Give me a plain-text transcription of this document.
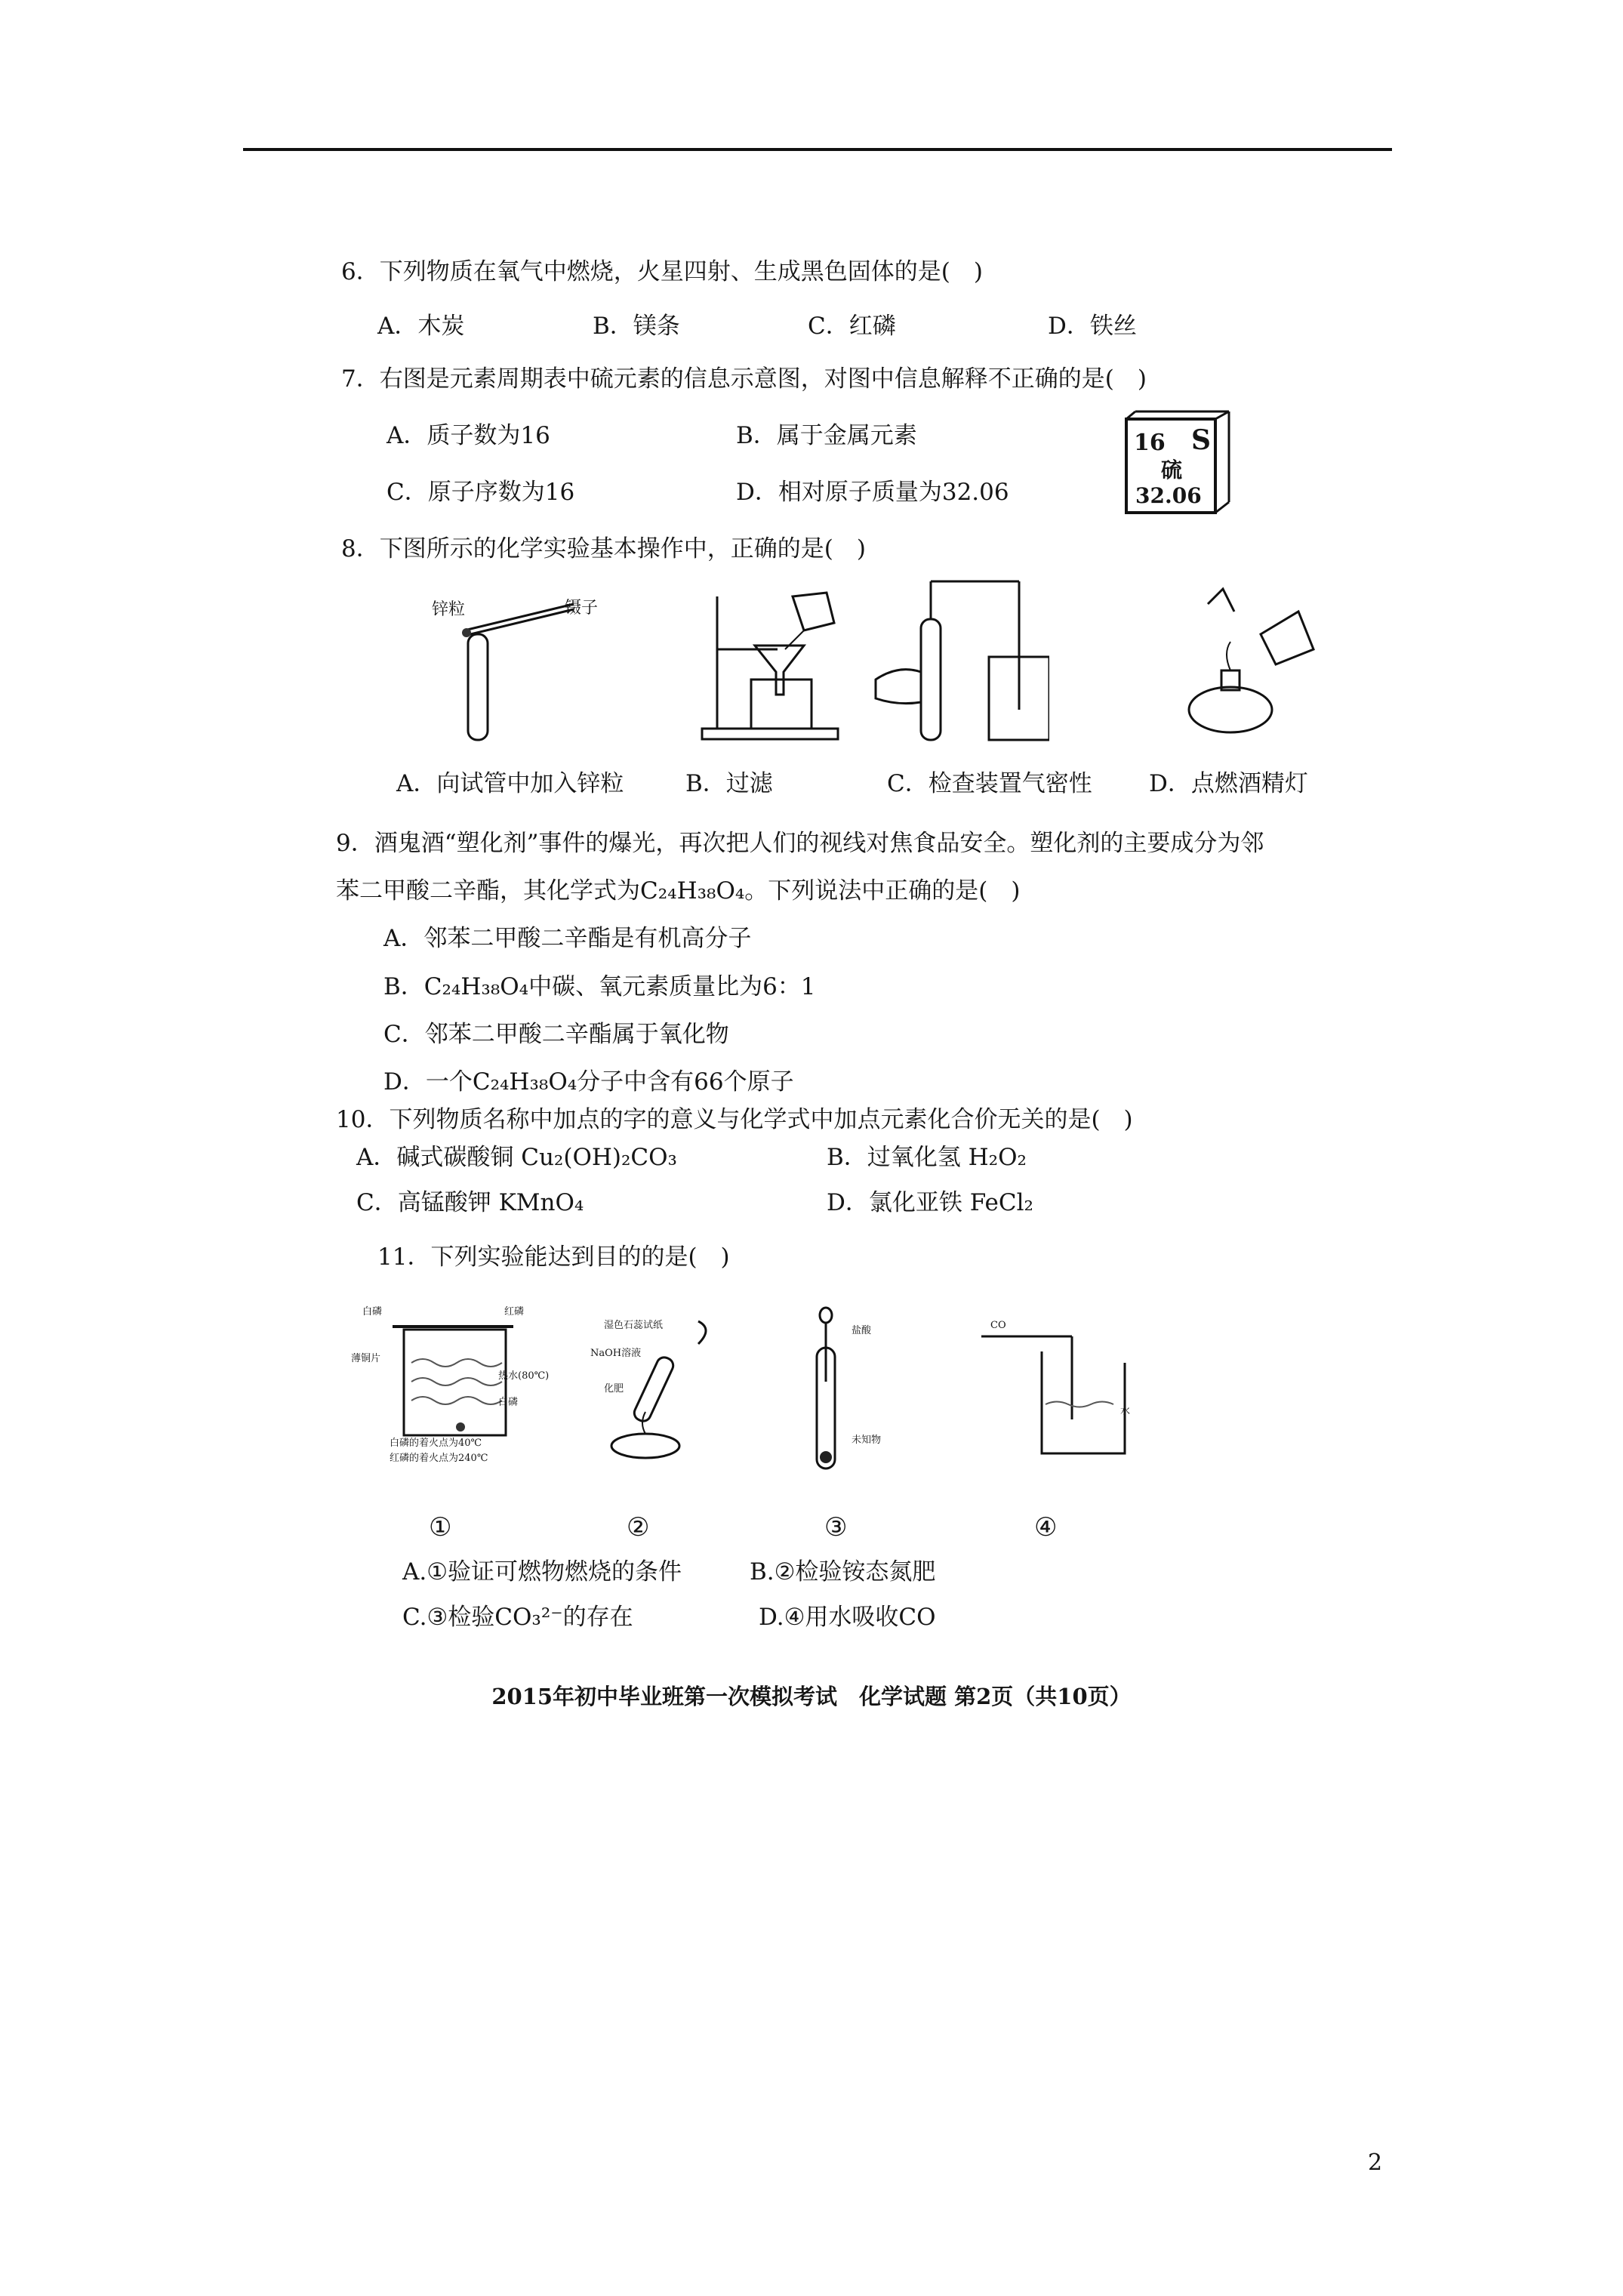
6．下列物质在氧气中燃烧，火星四射、生成黑色固体的是(　)
A．木炭	B．镁条	C．红磷	D．铁丝
7．右图是元素周期表中硫元素的信息示意图，对图中信息解释不正确的是(　)
A．质子数为16	B．属于金属元素
C．原子序数为16	D．相对原子质量为32.06
16 S
硫
32.06
8．下图所示的化学实验基本操作中，正确的是(　)
锌粒	镊子
A．向试管中加入锌粒	B．过滤	C．检查装置气密性 D．点燃酒精灯
9．酒鬼酒“塑化剂”事件的爆光，再次把人们的视线对焦食品安全。塑化剂的主要成分为邻
苯二甲酸二辛酯，其化学式为C₂₄H₃₈O₄。下列说法中正确的是(　)
A．邻苯二甲酸二辛酯是有机高分子
B．C₂₄H₃₈O₄中碳、氧元素质量比为6：1
C．邻苯二甲酸二辛酯属于氧化物
D．一个C₂₄H₃₈O₄分子中含有66个原子
10．下列物质名称中加点的字的意义与化学式中加点元素化合价无关的是(　)
A．碱式碳酸铜 Cu₂(OH)₂CO₃	B．过氧化氢 H₂O₂
C．高锰酸钾 KMnO₄	D．氯化亚铁 FeCl₂
11．下列实验能达到目的的是(　)
白磷	红磷
薄铜片
热水(80℃)
白磷
白磷的着火点为40℃
红磷的着火点为240℃
湿色石蕊试纸
NaOH溶液
化肥
盐酸
未知物
CO
水
①	②	③	④
A.①验证可燃物燃烧的条件	B.②检验铵态氮肥
C.③检验CO₃²⁻的存在	D.④用水吸收CO
2015年初中毕业班第一次模拟考试　化学试题 第2页（共10页）
2
